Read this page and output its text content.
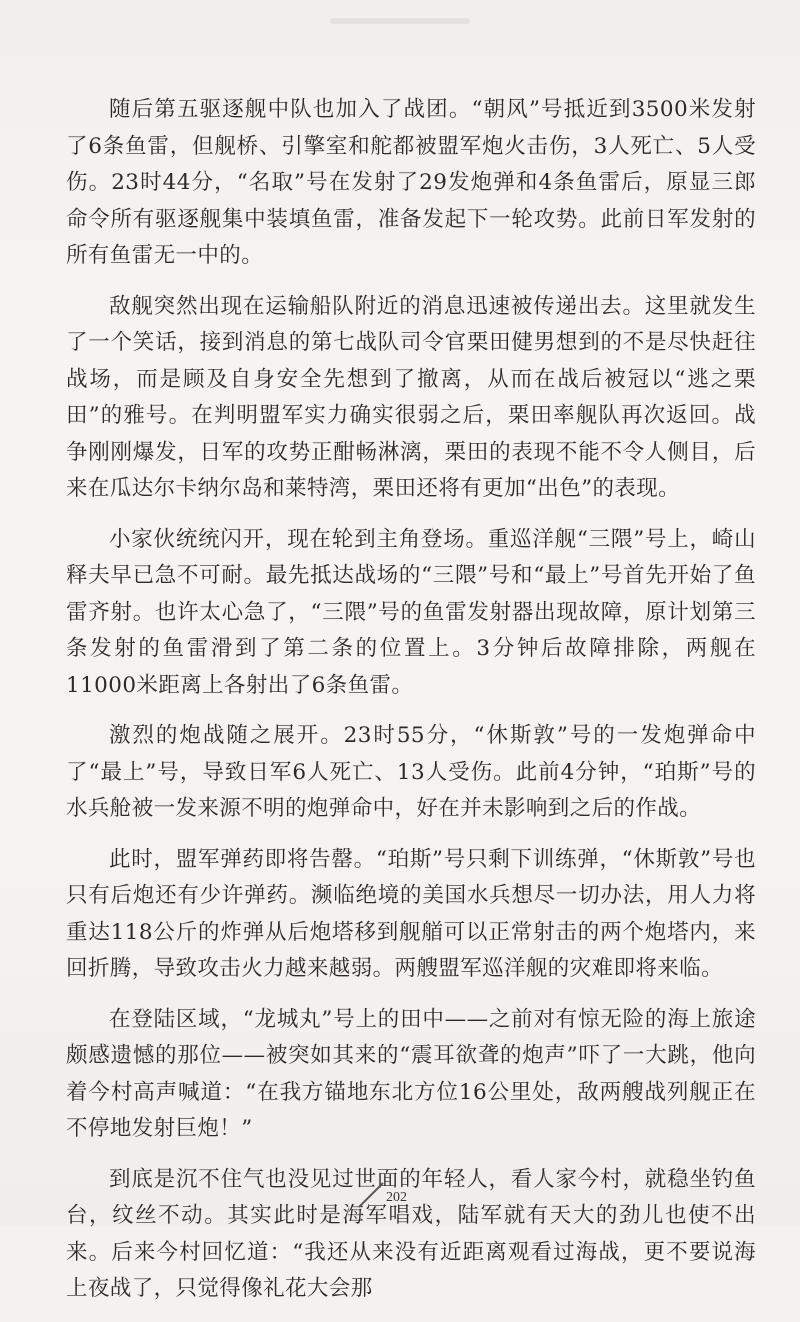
随后第五驱逐舰中队也加入了战团。“朝风”号抵近到3500米发射了6条鱼雷，但舰桥、引擎室和舵都被盟军炮火击伤，3人死亡、5人受伤。23时44分，“名取”号在发射了29发炮弹和4条鱼雷后，原显三郎命令所有驱逐舰集中装填鱼雷，准备发起下一轮攻势。此前日军发射的所有鱼雷无一中的。

敌舰突然出现在运输船队附近的消息迅速被传递出去。这里就发生了一个笑话，接到消息的第七战队司令官栗田健男想到的不是尽快赶往战场，而是顾及自身安全先想到了撤离，从而在战后被冠以“逃之栗田”的雅号。在判明盟军实力确实很弱之后，栗田率舰队再次返回。战争刚刚爆发，日军的攻势正酣畅淋漓，栗田的表现不能不令人侧目，后来在瓜达尔卡纳尔岛和莱特湾，栗田还将有更加“出色”的表现。

小家伙统统闪开，现在轮到主角登场。重巡洋舰“三隈”号上，崎山释夫早已急不可耐。最先抵达战场的“三隈”号和“最上”号首先开始了鱼雷齐射。也许太心急了，“三隈”号的鱼雷发射器出现故障，原计划第三条发射的鱼雷滑到了第二条的位置上。3分钟后故障排除，两舰在11000米距离上各射出了6条鱼雷。

激烈的炮战随之展开。23时55分，“休斯敦”号的一发炮弹命中了“最上”号，导致日军6人死亡、13人受伤。此前4分钟，“珀斯”号的水兵舱被一发来源不明的炮弹命中，好在并未影响到之后的作战。

此时，盟军弹药即将告罄。“珀斯”号只剩下训练弹，“休斯敦”号也只有后炮还有少许弹药。濒临绝境的美国水兵想尽一切办法，用人力将重达118公斤的炸弹从后炮塔移到舰艏可以正常射击的两个炮塔内，来回折腾，导致攻击火力越来越弱。两艘盟军巡洋舰的灾难即将来临。

在登陆区域，“龙城丸”号上的田中——之前对有惊无险的海上旅途颇感遗憾的那位——被突如其来的“震耳欲聋的炮声”吓了一大跳，他向着今村高声喊道：“在我方锚地东北方位16公里处，敌两艘战列舰正在不停地发射巨炮！”

到底是沉不住气也没见过世面的年轻人，看人家今村，就稳坐钓鱼台，纹丝不动。其实此时是海军唱戏，陆军就有天大的劲儿也使不出来。后来今村回忆道：“我还从来没有近距离观看过海战，更不要说海上夜战了，只觉得像礼花大会那

202
